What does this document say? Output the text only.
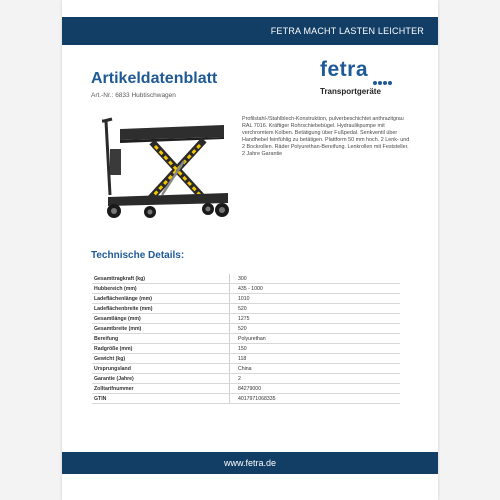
FETRA MACHT LASTEN LEICHTER
Artikeldatenblatt
Art.-Nr.: 6833 Hubtischwagen
fetra
Transportgeräte
Profilstahl-/Stahlblech-Konstruktion, pulverbeschichtet anthrazitgrau RAL 7016. Kräftiger Rohrschiebebügel. Hydraulikpumpe mit verchromtem Kolben. Betätigung über Fußpedal. Senkventil über Handhebel feinfühlig zu betätigen. Plattform 50 mm hoch. 2 Lenk- und 2 Bockrollen. Räder Polyurethan-Bereifung. Lenkrollen mit Feststeller. 2 Jahre Garantie
Technische Details:
Gesamttragkraft (kg)	300
Hubbereich (mm)	435 - 1000
Ladeflächenlänge (mm)	1010
Ladeflächenbreite (mm)	520
Gesamtlänge (mm)	1275
Gesamtbreite (mm)	520
Bereifung	Polyurethan
Radgröße (mm)	150
Gewicht (kg)	118
Ursprungsland	China
Garantie (Jahre)	2
Zolltarifnummer	84279000
GTIN	4017971068335
www.fetra.de
